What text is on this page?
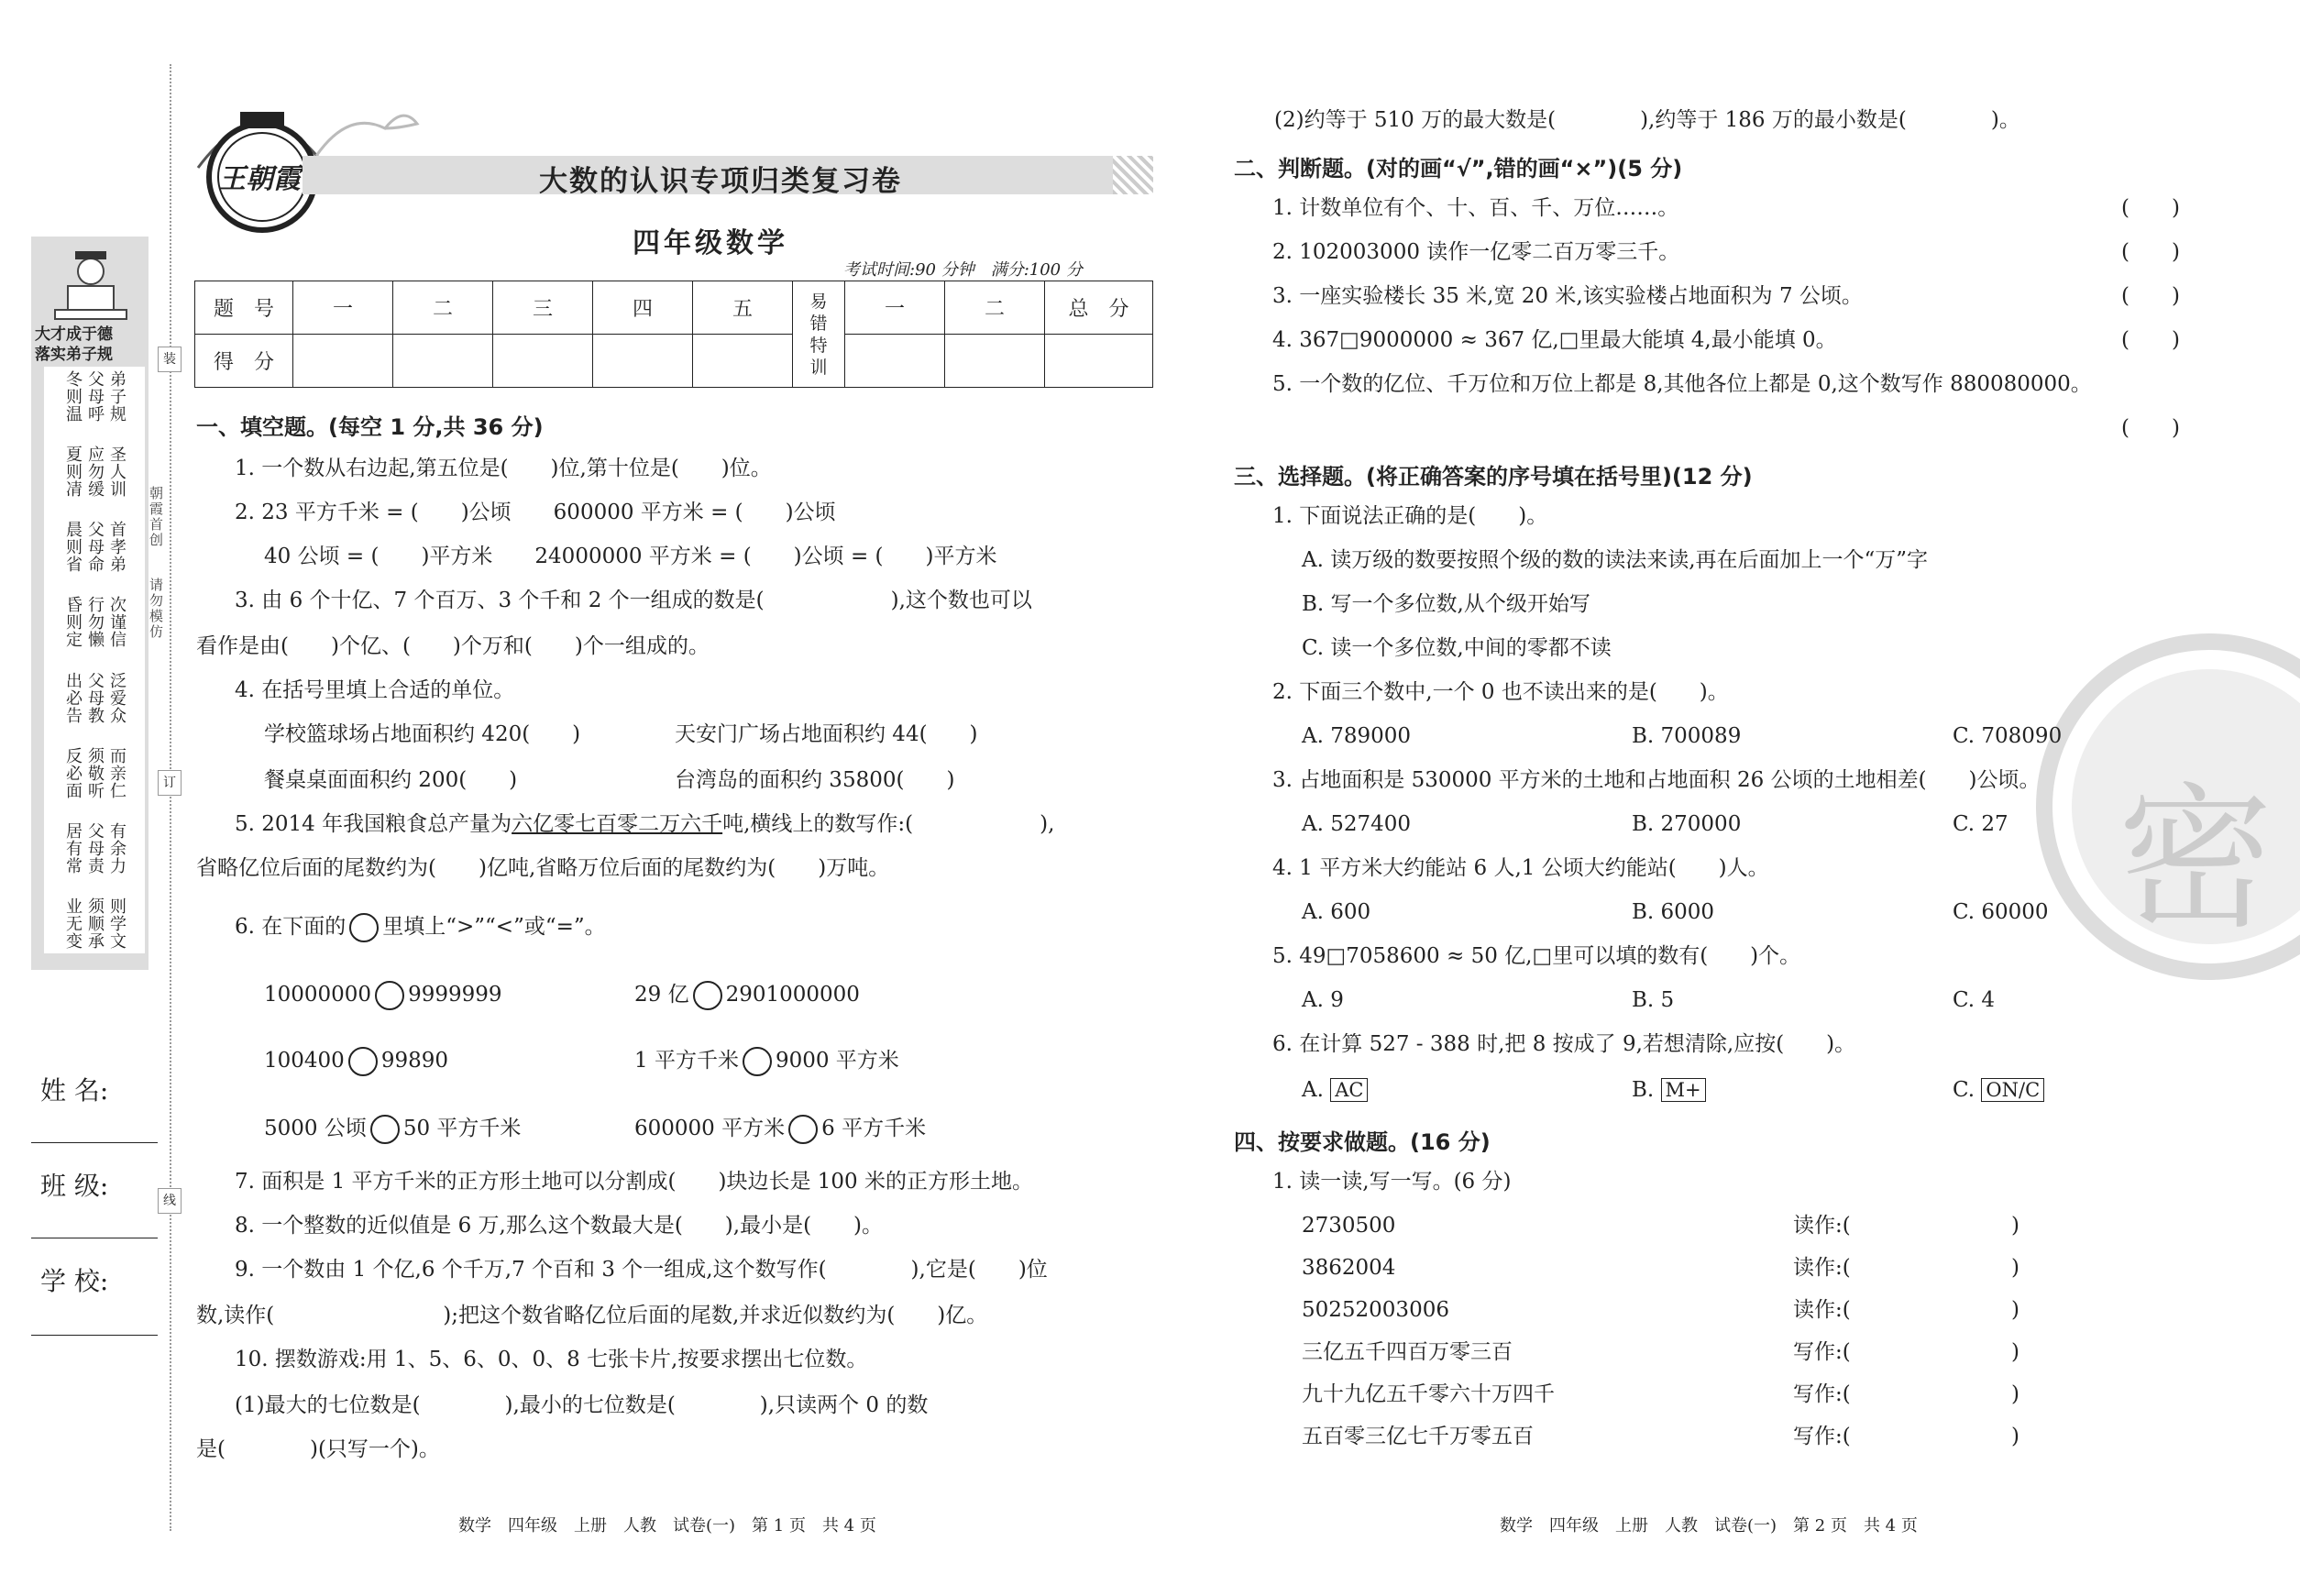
装
订
线
大才成于德
落实弟子规
弟子规
父母呼
冬则温
圣人训
应勿缓
夏则凊
首孝弟
父母命
晨则省
次谨信
行勿懒
昏则定
泛爱众
父母教
出必告
而亲仁
须敬听
反必面
有余力
父母责
居有常
则学文
须顺承
业无变
朝霞首创
请勿模仿
姓 名:
班 级:
学 校:
王朝霞	大数的认识专项归类复习卷
四年级数学
考试时间:90 分钟　满分:100 分
题　号	一	二	三	四	五	易错特训	一	二	总　分
得　分									
一、填空题。(每空 1 分,共 36 分)
1. 一个数从右边起,第五位是(　　)位,第十位是(　　)位。
2. 23 平方千米 = (　　)公顷　　600000 平方米 = (　　)公顷
40 公顷 = (　　)平方米　　24000000 平方米 = (　　)公顷 = (　　)平方米
3. 由 6 个十亿、7 个百万、3 个千和 2 个一组成的数是(　　　　　　),这个数也可以
看作是由(　　)个亿、(　　)个万和(　　)个一组成的。
4. 在括号里填上合适的单位。
学校篮球场占地面积约 420(　　)	天安门广场占地面积约 44(　　)
餐桌桌面面积约 200(　　)	台湾岛的面积约 35800(　　)
5. 2014 年我国粮食总产量为六亿零七百零二万六千吨,横线上的数写作:(　　　　　　),
省略亿位后面的尾数约为(　　)亿吨,省略万位后面的尾数约为(　　)万吨。
6. 在下面的 里填上“>”“<”或“=”。
10000000 9999999	29 亿 2901000000
100400 99890	1 平方千米 9000 平方米
5000 公顷 50 平方千米	600000 平方米 6 平方千米
7. 面积是 1 平方千米的正方形土地可以分割成(　　)块边长是 100 米的正方形土地。
8. 一个整数的近似值是 6 万,那么这个数最大是(　　),最小是(　　)。
9. 一个数由 1 个亿,6 个千万,7 个百和 3 个一组成,这个数写作(　　　　),它是(　　)位
数,读作(　　　　　　　　);把这个数省略亿位后面的尾数,并求近似数约为(　　)亿。
10. 摆数游戏:用 1、5、6、0、0、8 七张卡片,按要求摆出七位数。
(1)最大的七位数是(　　　　),最小的七位数是(　　　　),只读两个 0 的数
是(　　　　)(只写一个)。
数学　四年级　上册　人教　试卷(一)　第 1 页　共 4 页
密
(2)约等于 510 万的最大数是(　　　　),约等于 186 万的最小数是(　　　　)。
二、判断题。(对的画“√”,错的画“×”)(5 分)
1. 计数单位有个、十、百、千、万位……。	(　　)
2. 102003000 读作一亿零二百万零三千。	(　　)
3. 一座实验楼长 35 米,宽 20 米,该实验楼占地面积为 7 公顷。	(　　)
4. 367□9000000 ≈ 367 亿,□里最大能填 4,最小能填 0。	(　　)
5. 一个数的亿位、千万位和万位上都是 8,其他各位上都是 0,这个数写作 880080000。
(　　)
三、选择题。(将正确答案的序号填在括号里)(12 分)
1. 下面说法正确的是(　　)。
A. 读万级的数要按照个级的数的读法来读,再在后面加上一个“万”字
B. 写一个多位数,从个级开始写
C. 读一个多位数,中间的零都不读
2. 下面三个数中,一个 0 也不读出来的是(　　)。
A. 789000	B. 700089	C. 708090
3. 占地面积是 530000 平方米的土地和占地面积 26 公顷的土地相差(　　)公顷。
A. 527400	B. 270000	C. 27
4. 1 平方米大约能站 6 人,1 公顷大约能站(　　)人。
A. 600	B. 6000	C. 60000
5. 49□7058600 ≈ 50 亿,□里可以填的数有(　　)个。
A. 9	B. 5	C. 4
6. 在计算 527 - 388 时,把 8 按成了 9,若想清除,应按(　　)。
A. AC	B. M+	C. ON/C
四、按要求做题。(16 分)
1. 读一读,写一写。(6 分)
2730500	读作:(	)
3862004	读作:(	)
50252003006	读作:(	)
三亿五千四百万零三百	写作:(	)
九十九亿五千零六十万四千	写作:(	)
五百零三亿七千万零五百	写作:(	)
数学　四年级　上册　人教　试卷(一)　第 2 页　共 4 页
